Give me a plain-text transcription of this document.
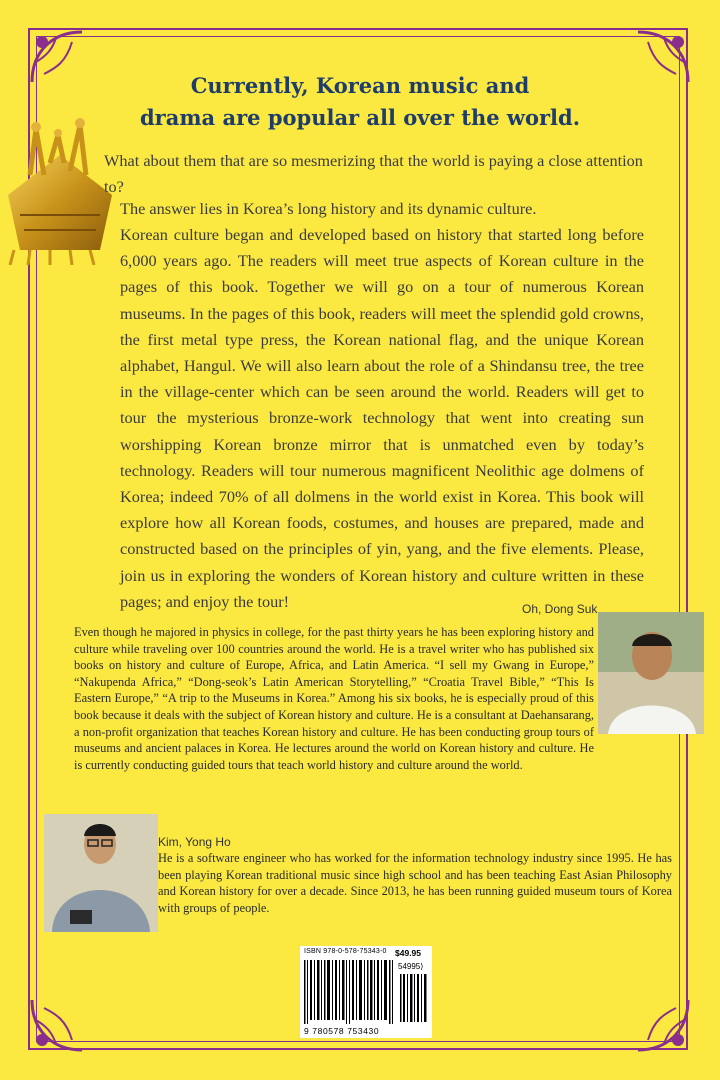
Currently, Korean music and
drama are popular all over the world.

What about them that are so mesmerizing that the world is paying a close attention to?

The answer lies in Korea’s long history and its dynamic culture.

Korean culture began and developed based on history that started long before 6,000 years ago. The readers will meet true aspects of Korean culture in the pages of this book. Together we will go on a tour of numerous Korean museums. In the pages of this book, readers will meet the splendid gold crowns, the first metal type press, the Korean national flag, and the unique Korean alphabet, Hangul. We will also learn about the role of a Shindansu tree, the tree in the village-center which can be seen around the world. Readers will get to tour the mysterious bronze-work technology that went into creating sun worshipping Korean bronze mirror that is unmatched even by today’s technology. Readers will tour numerous magnificent Neolithic age dolmens of Korea; indeed 70% of all dolmens in the world exist in Korea. This book will explore how all Korean foods, costumes, and houses are prepared, made and constructed based on the principles of yin, yang, and the five elements. Please, join us in exploring the wonders of Korean history and culture written in these pages; and enjoy the tour!	Oh, Dong Suk

Even though he majored in physics in college, for the past thirty years he has been exploring history and culture while traveling over 100 countries around the world. He is a travel writer who has published six books on history and culture of Europe, Africa, and Latin America. “I sell my Gwang in Europe,” “Nakupenda Africa,” “Dong-seok’s Latin American Storytelling,” “Croatia Travel Bible,” “This Is Eastern Europe,” “A trip to the Museums in Korea.” Among his six books, he is especially proud of this book because it deals with the subject of Korean history and culture. He is a consultant at Daehansarang, a non-profit organization that teaches Korean history and culture. He has been conducting group tours of museums and ancient palaces in Korea. He lectures around the world on Korean history and culture. He is currently conducting guided tours that teach world history and culture around the world.

Kim, Yong Ho

He is a software engineer who has worked for the information technology industry since 1995. He has been playing Korean traditional music since high school and has been teaching East Asian Philosophy and Korean history for over a decade. Since 2013, he has been running guided museum tours of Korea with groups of people.

ISBN 978-0-578-75343-0
54995⟩
9 780578 753430
$49.95
